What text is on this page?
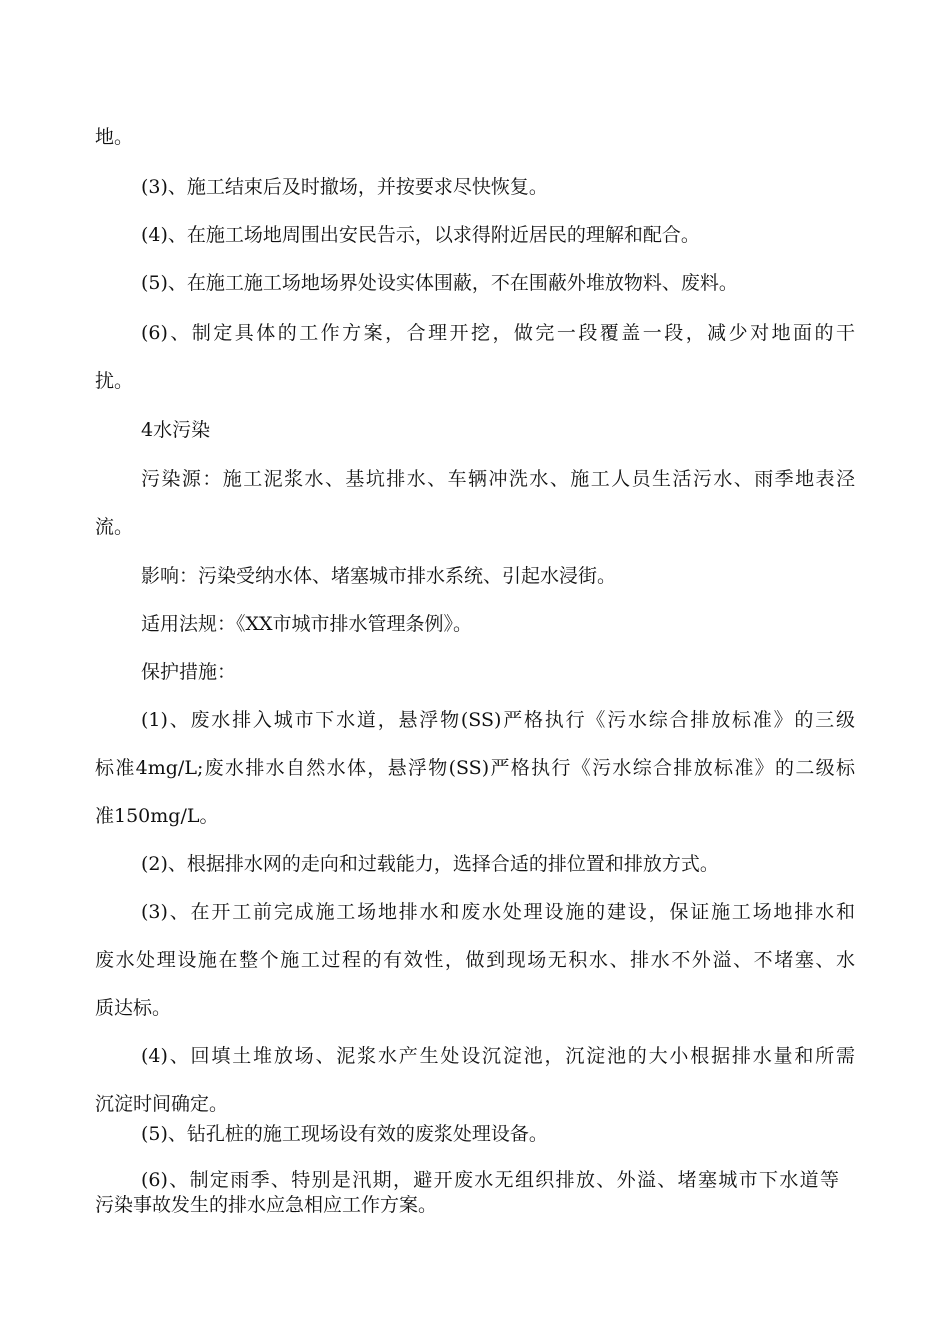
地。

(3)、施工结束后及时撤场，并按要求尽快恢复。

(4)、在施工场地周围出安民告示，以求得附近居民的理解和配合。

(5)、在施工施工场地场界处设实体围蔽，不在围蔽外堆放物料、废料。

(6)、制定具体的工作方案，合理开挖，做完一段覆盖一段，减少对地面的干

扰。

4水污染

污染源：施工泥浆水、基坑排水、车辆冲洗水、施工人员生活污水、雨季地表泾

流。

影响：污染受纳水体、堵塞城市排水系统、引起水浸街。

适用法规：《XX市城市排水管理条例》。

保护措施：

(1)、废水排入城市下水道，悬浮物(SS)严格执行《污水综合排放标准》的三级

标准4mg/L;废水排水自然水体，悬浮物(SS)严格执行《污水综合排放标准》的二级标

准150mg/L。

(2)、根据排水网的走向和过载能力，选择合适的排位置和排放方式。

(3)、在开工前完成施工场地排水和废水处理设施的建设，保证施工场地排水和

废水处理设施在整个施工过程的有效性，做到现场无积水、排水不外溢、不堵塞、水

质达标。

(4)、回填土堆放场、泥浆水产生处设沉淀池，沉淀池的大小根据排水量和所需

沉淀时间确定。

(5)、钻孔桩的施工现场设有效的废浆处理设备。

(6)、制定雨季、特别是汛期，避开废水无组织排放、外溢、堵塞城市下水道等

污染事故发生的排水应急相应工作方案。
